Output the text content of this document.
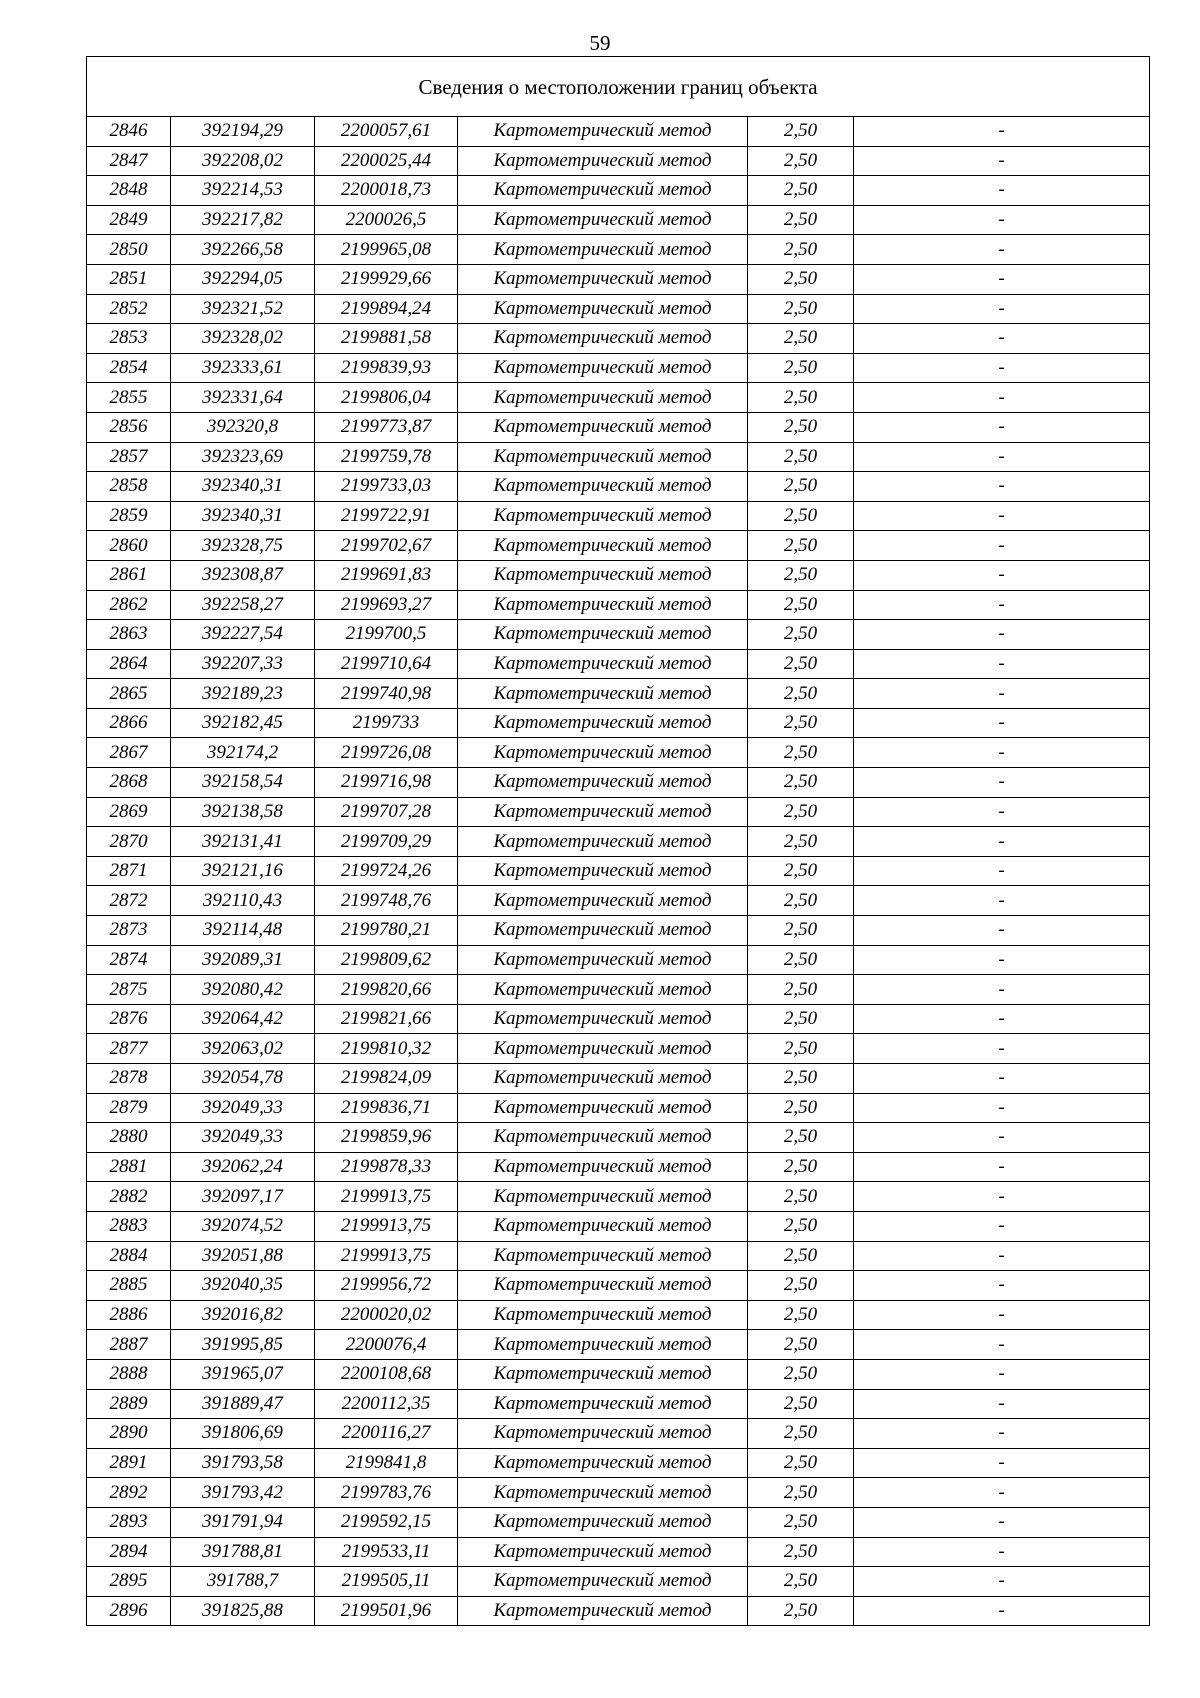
59
Сведения о местоположении границ объекта					
2846	392194,29	2200057,61	Картометрический метод	2,50	-
2847	392208,02	2200025,44	Картометрический метод	2,50	-
2848	392214,53	2200018,73	Картометрический метод	2,50	-
2849	392217,82	2200026,5	Картометрический метод	2,50	-
2850	392266,58	2199965,08	Картометрический метод	2,50	-
2851	392294,05	2199929,66	Картометрический метод	2,50	-
2852	392321,52	2199894,24	Картометрический метод	2,50	-
2853	392328,02	2199881,58	Картометрический метод	2,50	-
2854	392333,61	2199839,93	Картометрический метод	2,50	-
2855	392331,64	2199806,04	Картометрический метод	2,50	-
2856	392320,8	2199773,87	Картометрический метод	2,50	-
2857	392323,69	2199759,78	Картометрический метод	2,50	-
2858	392340,31	2199733,03	Картометрический метод	2,50	-
2859	392340,31	2199722,91	Картометрический метод	2,50	-
2860	392328,75	2199702,67	Картометрический метод	2,50	-
2861	392308,87	2199691,83	Картометрический метод	2,50	-
2862	392258,27	2199693,27	Картометрический метод	2,50	-
2863	392227,54	2199700,5	Картометрический метод	2,50	-
2864	392207,33	2199710,64	Картометрический метод	2,50	-
2865	392189,23	2199740,98	Картометрический метод	2,50	-
2866	392182,45	2199733	Картометрический метод	2,50	-
2867	392174,2	2199726,08	Картометрический метод	2,50	-
2868	392158,54	2199716,98	Картометрический метод	2,50	-
2869	392138,58	2199707,28	Картометрический метод	2,50	-
2870	392131,41	2199709,29	Картометрический метод	2,50	-
2871	392121,16	2199724,26	Картометрический метод	2,50	-
2872	392110,43	2199748,76	Картометрический метод	2,50	-
2873	392114,48	2199780,21	Картометрический метод	2,50	-
2874	392089,31	2199809,62	Картометрический метод	2,50	-
2875	392080,42	2199820,66	Картометрический метод	2,50	-
2876	392064,42	2199821,66	Картометрический метод	2,50	-
2877	392063,02	2199810,32	Картометрический метод	2,50	-
2878	392054,78	2199824,09	Картометрический метод	2,50	-
2879	392049,33	2199836,71	Картометрический метод	2,50	-
2880	392049,33	2199859,96	Картометрический метод	2,50	-
2881	392062,24	2199878,33	Картометрический метод	2,50	-
2882	392097,17	2199913,75	Картометрический метод	2,50	-
2883	392074,52	2199913,75	Картометрический метод	2,50	-
2884	392051,88	2199913,75	Картометрический метод	2,50	-
2885	392040,35	2199956,72	Картометрический метод	2,50	-
2886	392016,82	2200020,02	Картометрический метод	2,50	-
2887	391995,85	2200076,4	Картометрический метод	2,50	-
2888	391965,07	2200108,68	Картометрический метод	2,50	-
2889	391889,47	2200112,35	Картометрический метод	2,50	-
2890	391806,69	2200116,27	Картометрический метод	2,50	-
2891	391793,58	2199841,8	Картометрический метод	2,50	-
2892	391793,42	2199783,76	Картометрический метод	2,50	-
2893	391791,94	2199592,15	Картометрический метод	2,50	-
2894	391788,81	2199533,11	Картометрический метод	2,50	-
2895	391788,7	2199505,11	Картометрический метод	2,50	-
2896	391825,88	2199501,96	Картометрический метод	2,50	-
